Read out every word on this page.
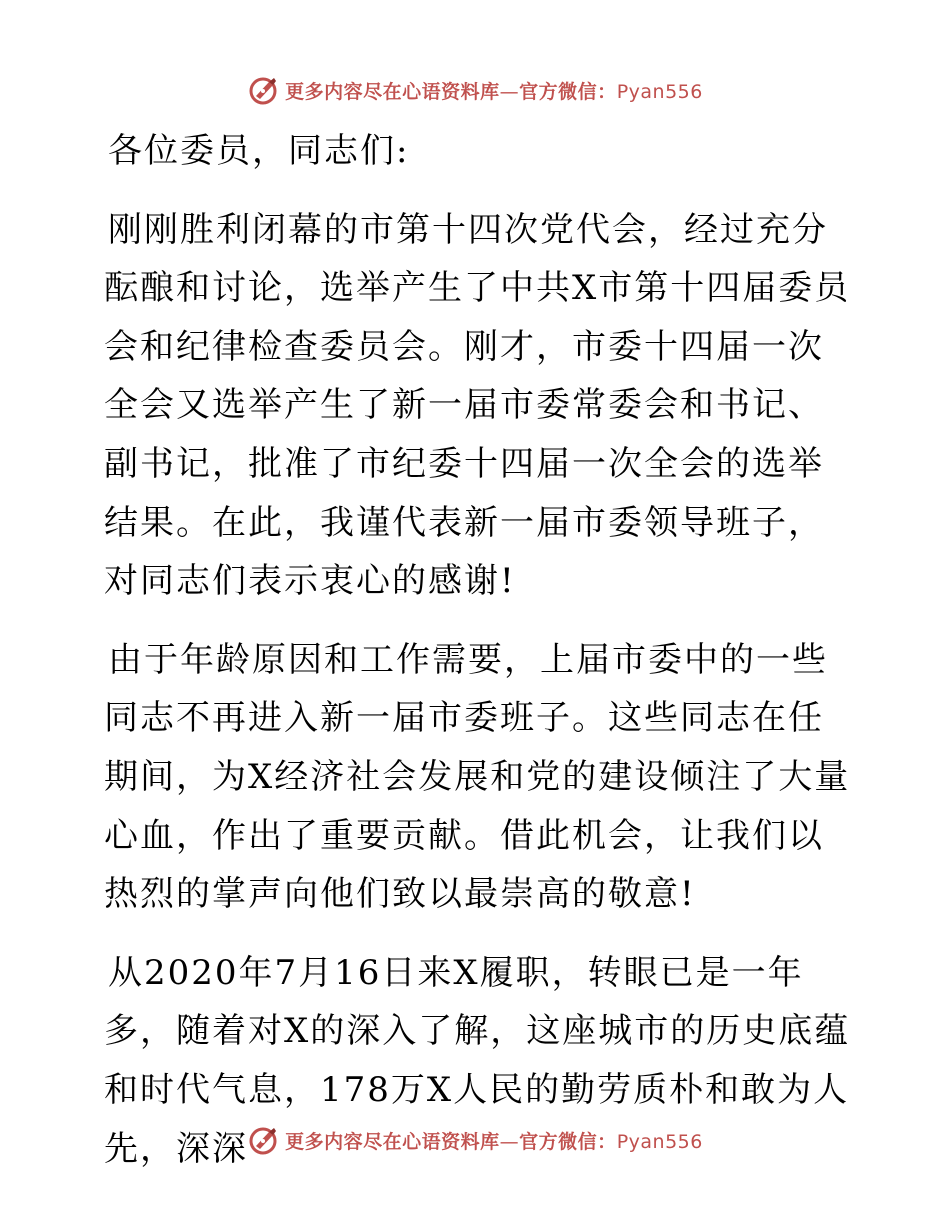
更多内容尽在心语资料库—官方微信：Pyan556

各位委员，同志们:

刚刚胜利闭幕的市第十四次党代会，经过充分酝酿和讨论，选举产生了中共X市第十四届委员会和纪律检查委员会。刚才，市委十四届一次全会又选举产生了新一届市委常委会和书记、副书记，批准了市纪委十四届一次全会的选举结果。在此，我谨代表新一届市委领导班子，对同志们表示衷心的感谢!

由于年龄原因和工作需要，上届市委中的一些同志不再进入新一届市委班子。这些同志在任期间，为X经济社会发展和党的建设倾注了大量心血，作出了重要贡献。借此机会，让我们以热烈的掌声向他们致以最崇高的敬意!

从2020年7月16日来X履职，转眼已是一年多，随着对X的深入了解，这座城市的历史底蕴和时代气息，178万X人民的勤劳质朴和敢为人先，深深	更多内容尽在心语资料库—官方微信：Pyan556
